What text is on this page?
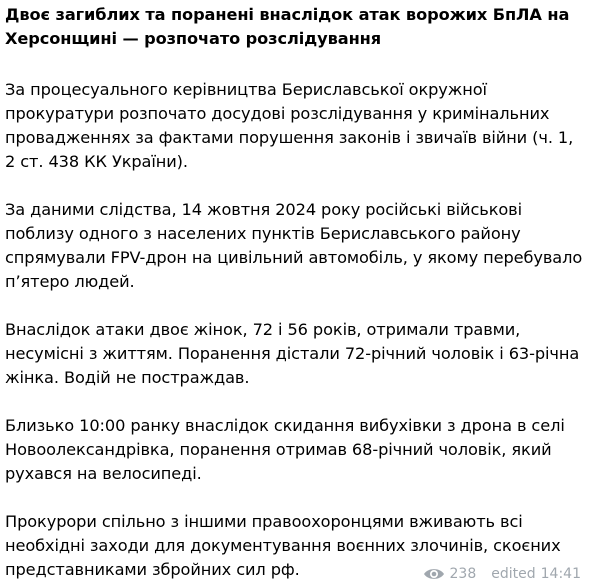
Двоє загиблих та поранені внаслідок атак ворожих БпЛА на Херсонщині — розпочато розслідування

За процесуального керівництва Бериславської окружної прокуратури розпочато досудові розслідування у кримінальних провадженнях за фактами порушення законів і звичаїв війни (ч. 1, 2 ст. 438 КК України).

За даними слідства, 14 жовтня 2024 року російські військові поблизу одного з населених пунктів Бериславського району спрямували FPV-дрон на цивільний автомобіль, у якому перебувало п’ятеро людей.

Внаслідок атаки двоє жінок, 72 і 56 років, отримали травми, несумісні з життям. Поранення дістали 72-річний чоловік і 63-річна жінка. Водій не постраждав.

Близько 10:00 ранку внаслідок скидання вибухівки з дрона в селі Новоолександрівка, поранення отримав 68-річний чоловік, який рухався на велосипеді.

Прокурори спільно з іншими правоохоронцями вживають всі необхідні заходи для документування воєнних злочинів, скоєних представниками збройних сил рф.	238 edited 14:41
